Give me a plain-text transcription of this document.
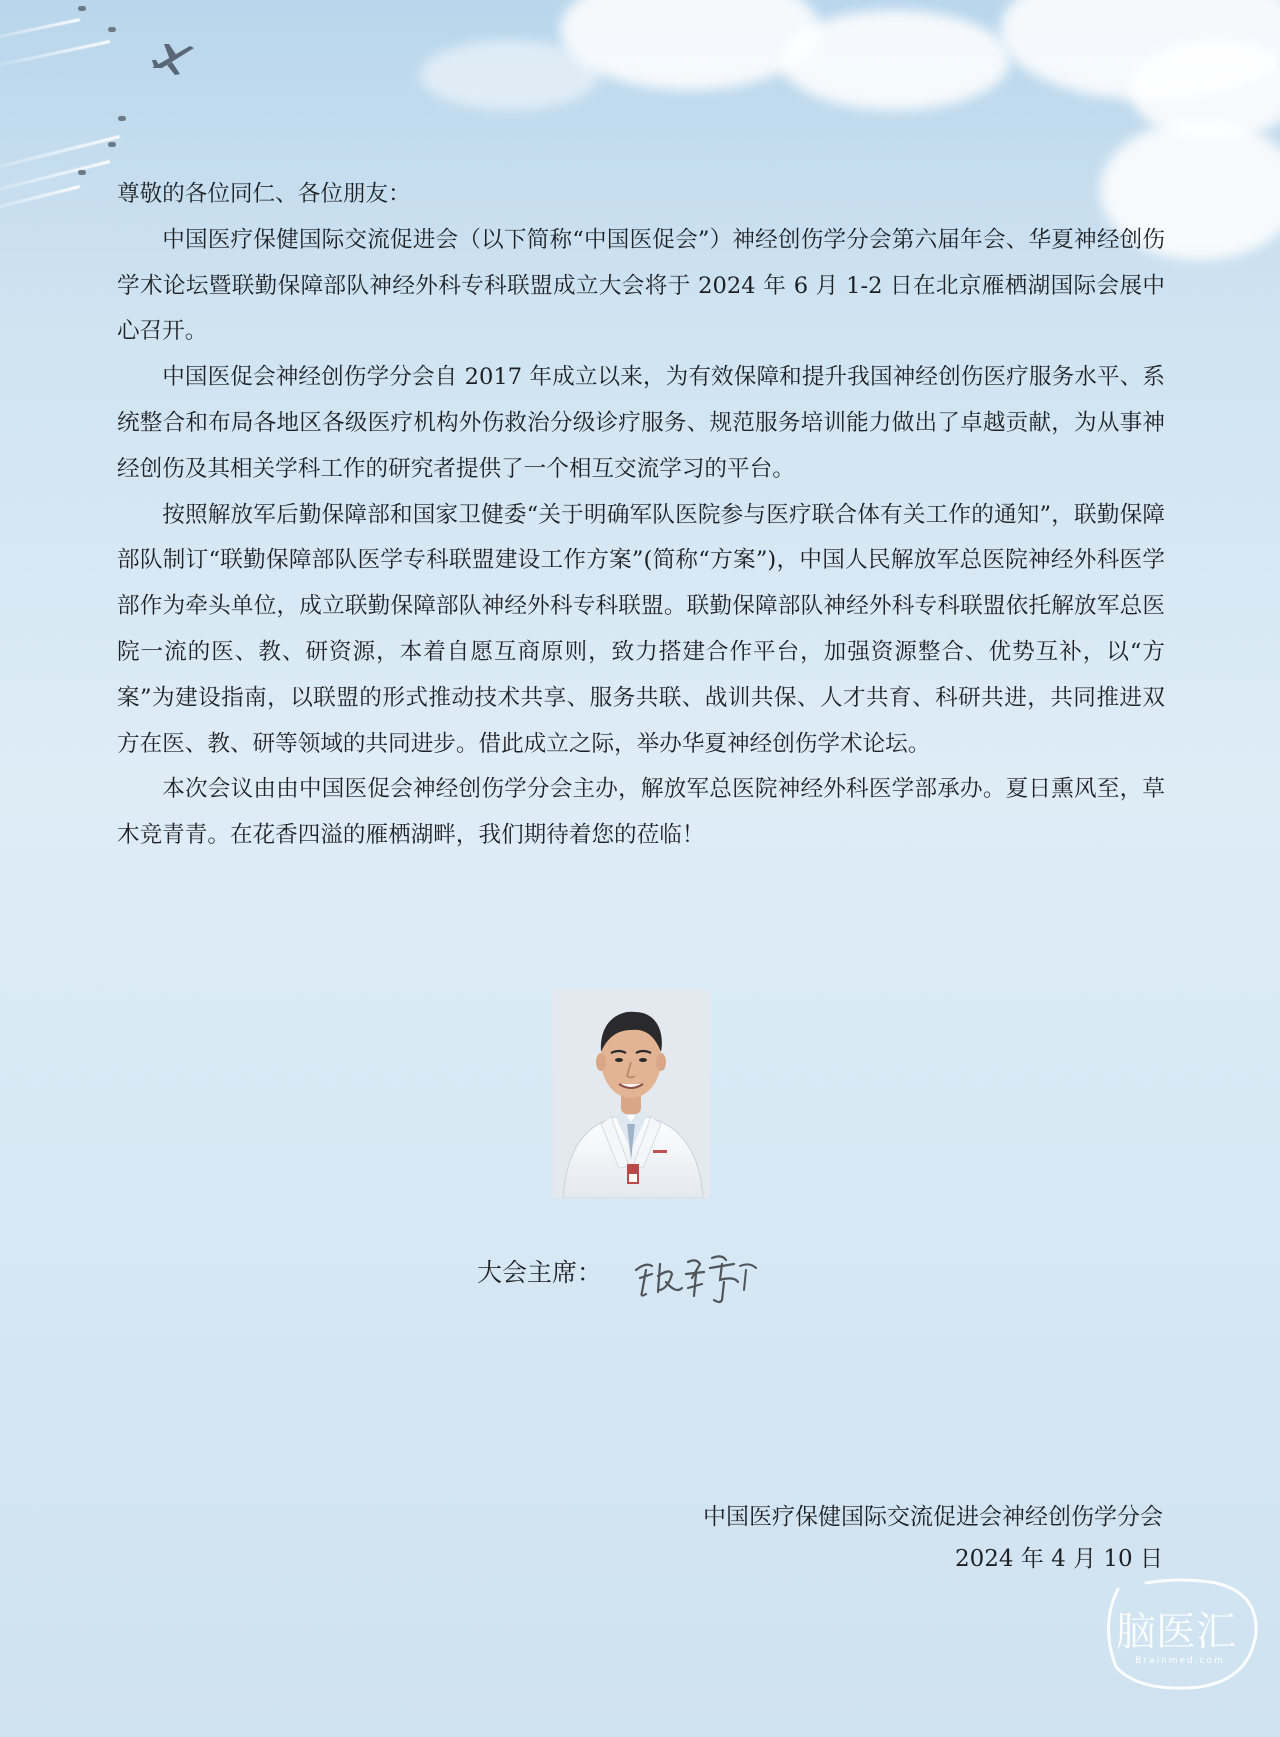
尊敬的各位同仁、各位朋友：

中国医疗保健国际交流促进会（以下简称“中国医促会”）神经创伤学分会第六届年会、华夏神经创伤学术论坛暨联勤保障部队神经外科专科联盟成立大会将于 2024 年 6 月 1-2 日在北京雁栖湖国际会展中心召开。

中国医促会神经创伤学分会自 2017 年成立以来，为有效保障和提升我国神经创伤医疗服务水平、系统整合和布局各地区各级医疗机构外伤救治分级诊疗服务、规范服务培训能力做出了卓越贡献，为从事神经创伤及其相关学科工作的研究者提供了一个相互交流学习的平台。

按照解放军后勤保障部和国家卫健委“关于明确军队医院参与医疗联合体有关工作的通知”，联勤保障部队制订“联勤保障部队医学专科联盟建设工作方案”(简称“方案”)，中国人民解放军总医院神经外科医学部作为牵头单位，成立联勤保障部队神经外科专科联盟。联勤保障部队神经外科专科联盟依托解放军总医院一流的医、教、研资源，本着自愿互商原则，致力搭建合作平台，加强资源整合、优势互补，以“方案”为建设指南，以联盟的形式推动技术共享、服务共联、战训共保、人才共育、科研共进，共同推进双方在医、教、研等领域的共同进步。借此成立之际，举办华夏神经创伤学术论坛。

本次会议由由中国医促会神经创伤学分会主办，解放军总医院神经外科医学部承办。夏日熏风至，草木竞青青。在花香四溢的雁栖湖畔，我们期待着您的莅临！

大会主席：
中国医疗保健国际交流促进会神经创伤学分会
2024 年 4 月 10 日
脑医汇
Brainmed.com
